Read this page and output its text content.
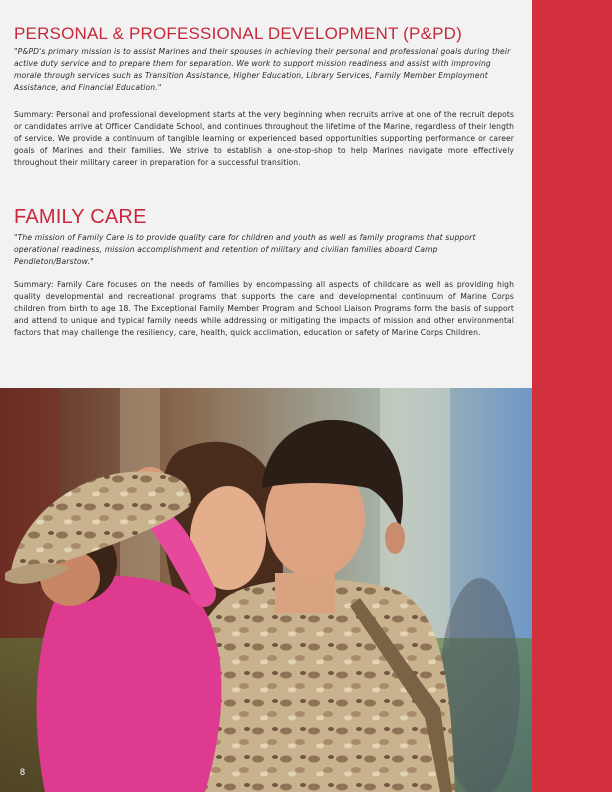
PERSONAL & PROFESSIONAL DEVELOPMENT (P&PD)

"P&PD's primary mission is to assist Marines and their spouses in achieving their personal and professional goals during their active duty service and to prepare them for separation. We work to support mission readiness and assist with improving morale through services such as Transition Assistance, Higher Education, Library Services, Family Member Employment Assistance, and Financial Education."

Summary: Personal and professional development starts at the very beginning when recruits arrive at one of the recruit depots or candidates arrive at Officer Candidate School, and continues throughout the lifetime of the Marine, regardless of their length of service. We provide a continuum of tangible learning or experienced based opportunities supporting performance or career goals of Marines and their families. We strive to establish a one-stop-shop to help Marines navigate more effectively throughout their military career in preparation for a successful transition.

FAMILY CARE

"The mission of Family Care is to provide quality care for children and youth as well as family programs that support operational readiness, mission accomplishment and retention of military and civilian families aboard Camp Pendleton/Barstow."

Summary: Family Care focuses on the needs of families by encompassing all aspects of childcare as well as providing high quality developmental and recreational programs that supports the care and developmental continuum of Marine Corps children from birth to age 18. The Exceptional Family Member Program and School Liaison Programs form the basis of support and attend to unique and typical family needs while addressing or mitigating the impacts of mission and other environmental factors that may challenge the resiliency, care, health, quick acclimation, education or safety of Marine Corps Children.

8
